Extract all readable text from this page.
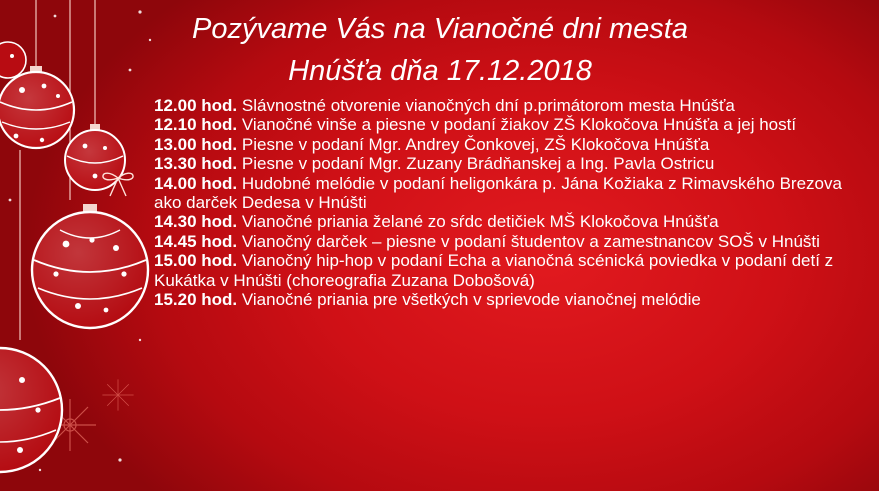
Pozývame Vás na Vianočné dni mesta
Hnúšťa dňa 17.12.2018
12.00 hod. Slávnostné otvorenie vianočných dní p.primátorom mesta Hnúšťa
12.10 hod. Vianočné vinše a piesne v podaní žiakov ZŠ Klokočova Hnúšťa a jej hostí
13.00 hod. Piesne v podaní Mgr. Andrey Čonkovej, ZŠ Klokočova Hnúšťa
13.30 hod. Piesne v podaní Mgr. Zuzany Brádňanskej a Ing. Pavla Ostricu
14.00 hod. Hudobné melódie v podaní heligonkára p. Jána Kožiaka z Rimavského Brezova ako darček Dedesa v Hnúšti
14.30 hod. Vianočné priania želané zo sŕdc detičiek MŠ Klokočova Hnúšťa
14.45 hod. Vianočný darček – piesne v podaní študentov a zamestnancov SOŠ v Hnúšti
15.00 hod. Vianočný hip-hop v podaní Echa a vianočná scénická poviedka v podaní detí z Kukátka v Hnúšti (choreografia Zuzana Dobošová)
15.20 hod. Vianočné priania pre všetkých v sprievode vianočnej melódie
